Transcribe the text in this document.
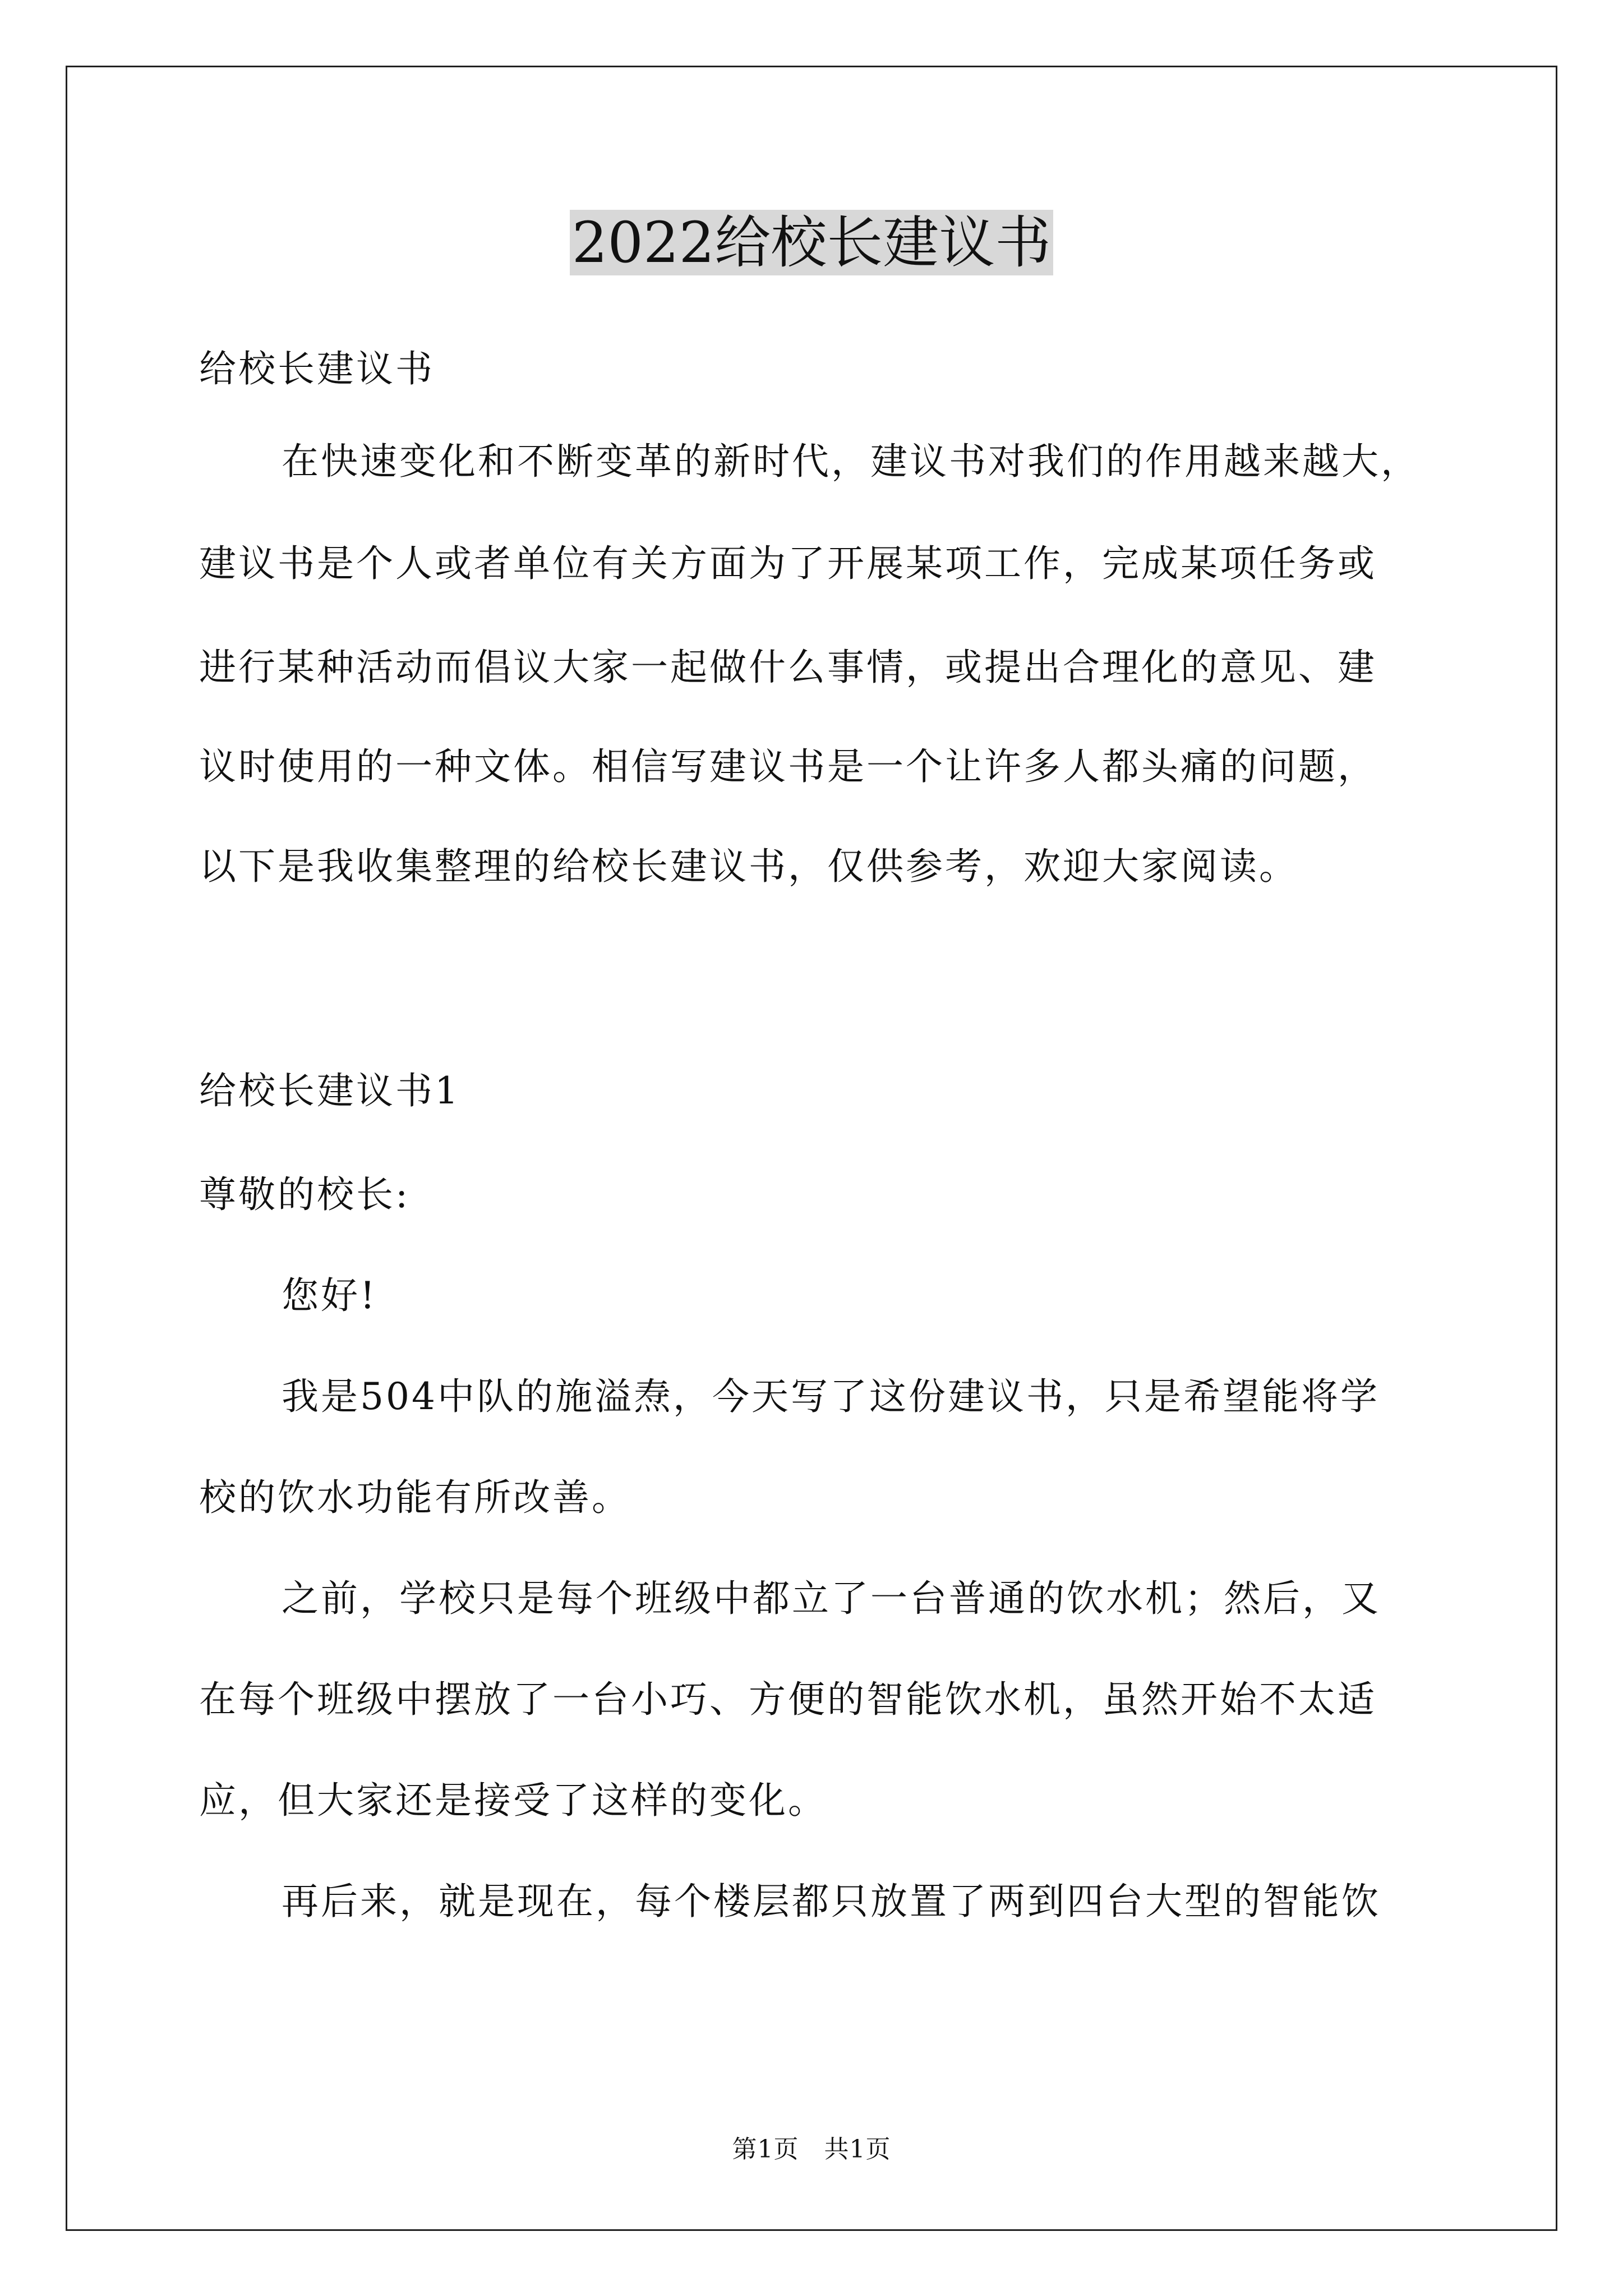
2022给校长建议书
给校长建议书
在快速变化和不断变革的新时代，建议书对我们的作用越来越大，
建议书是个人或者单位有关方面为了开展某项工作，完成某项任务或
进行某种活动而倡议大家一起做什么事情，或提出合理化的意见、建
议时使用的一种文体。相信写建议书是一个让许多人都头痛的问题，
以下是我收集整理的给校长建议书，仅供参考，欢迎大家阅读。
给校长建议书1
尊敬的校长:
您好!
我是504中队的施溢焘，今天写了这份建议书，只是希望能将学
校的饮水功能有所改善。
之前，学校只是每个班级中都立了一台普通的饮水机；然后，又
在每个班级中摆放了一台小巧、方便的智能饮水机，虽然开始不太适
应，但大家还是接受了这样的变化。
再后来，就是现在，每个楼层都只放置了两到四台大型的智能饮
第1页　共1页
